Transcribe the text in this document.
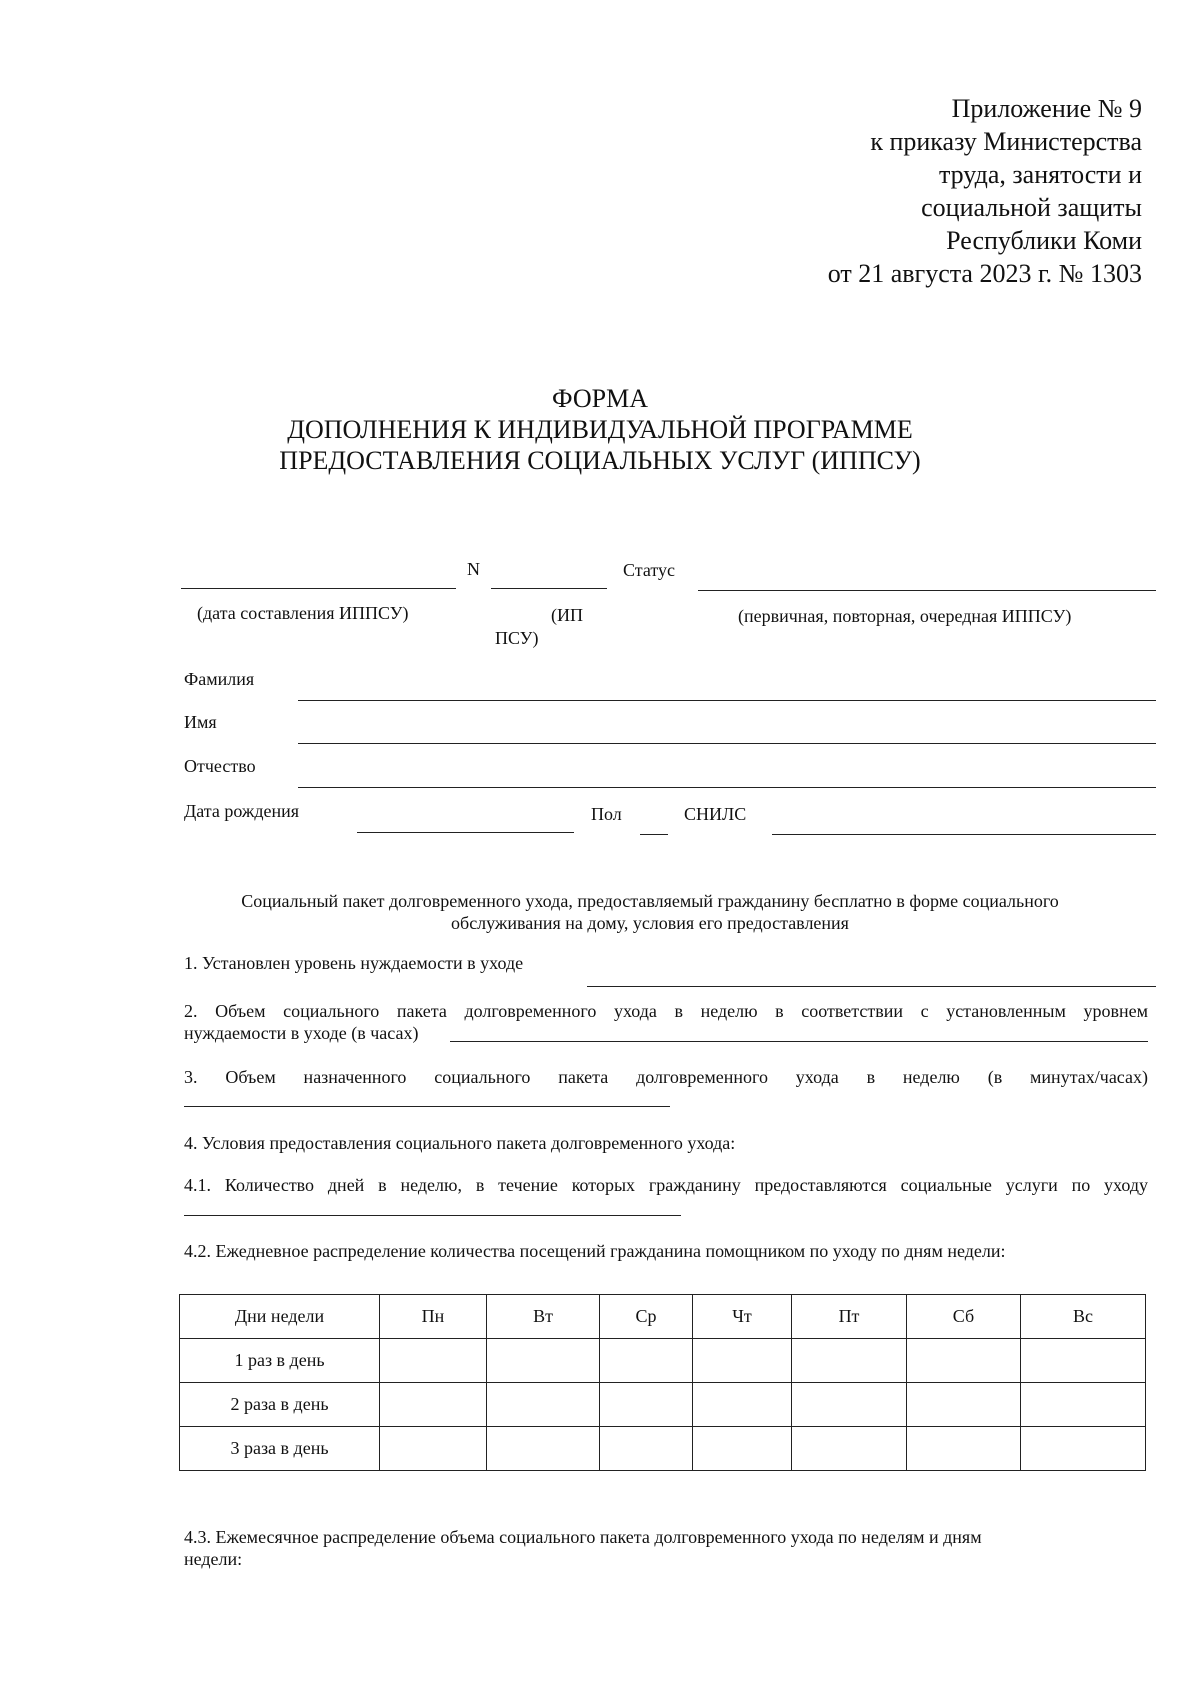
Приложение № 9
к приказу Министерства
труда, занятости и
социальной защиты
Республики Коми
от 21 августа 2023 г. № 1303
ФОРМА
ДОПОЛНЕНИЯ К ИНДИВИДУАЛЬНОЙ ПРОГРАММЕ
ПРЕДОСТАВЛЕНИЯ СОЦИАЛЬНЫХ УСЛУГ (ИППСУ)
N	Статус
(дата составления ИППСУ)	(ИП
ПСУ)
(первичная, повторная, очередная ИППСУ)
Фамилия
Имя
Отчество
Дата рождения	Пол	СНИЛС
Социальный пакет долговременного ухода, предоставляемый гражданину бесплатно в форме социального
обслуживания на дому, условия его предоставления
1. Установлен уровень нуждаемости в уходе
2. Объем социального пакета долговременного ухода в неделю в соответствии с установленным уровнем
нуждаемости в уходе (в часах)
3. Объем назначенного социального пакета долговременного ухода в неделю (в минутах/часах)
4. Условия предоставления социального пакета долговременного ухода:
4.1. Количество дней в неделю, в течение которых гражданину предоставляются социальные услуги по уходу
4.2. Ежедневное распределение количества посещений гражданина помощником по уходу по дням недели:
Дни недели	Пн	Вт	Ср	Чт	Пт	Сб	Вс
1 раз в день							
2 раза в день							
3 раза в день							
4.3. Ежемесячное распределение объема социального пакета долговременного ухода по неделям и дням
недели:
